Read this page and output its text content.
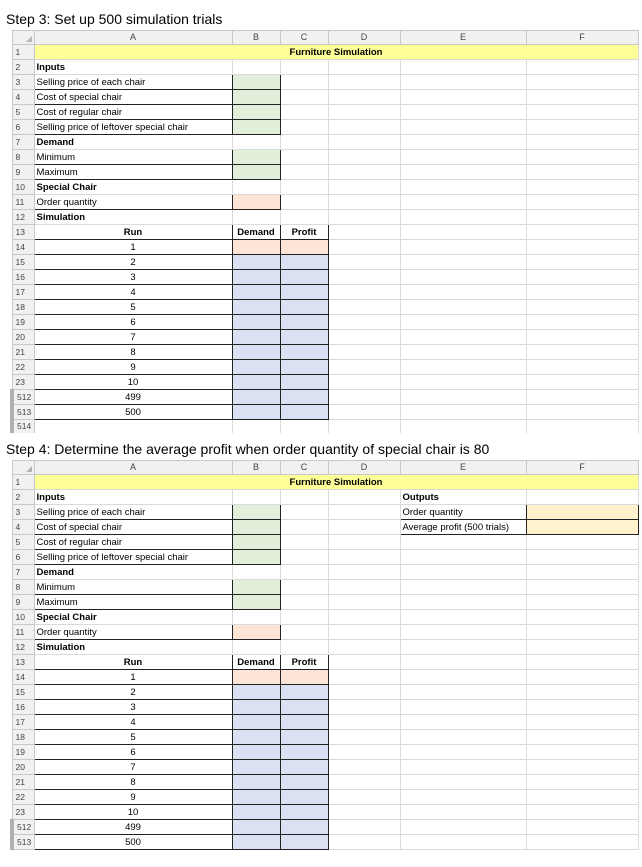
Step 3: Set up 500 simulation trials
	A	B	C	D	E	F
1	Furniture Simulation					
2	Inputs					
3	Selling price of each chair					
4	Cost of special chair					
5	Cost of regular chair					
6	Selling price of leftover special chair					
7	Demand					
8	Minimum					
9	Maximum					
10	Special Chair					
11	Order quantity					
12	Simulation					
13	Run	Demand	Profit			
14	1					
15	2					
16	3					
17	4					
18	5					
19	6					
20	7					
21	8					
22	9					
23	10					
512	499					
513	500					
514						
Step 4: Determine the average profit when order quantity of special chair is 80
	A	B	C	D	E	F
1	Furniture Simulation					
2	Inputs				Outputs	
3	Selling price of each chair				Order quantity	
4	Cost of special chair				Average profit (500 trials)	
5	Cost of regular chair					
6	Selling price of leftover special chair					
7	Demand					
8	Minimum					
9	Maximum					
10	Special Chair					
11	Order quantity					
12	Simulation					
13	Run	Demand	Profit			
14	1					
15	2					
16	3					
17	4					
18	5					
19	6					
20	7					
21	8					
22	9					
23	10					
512	499					
513	500					
